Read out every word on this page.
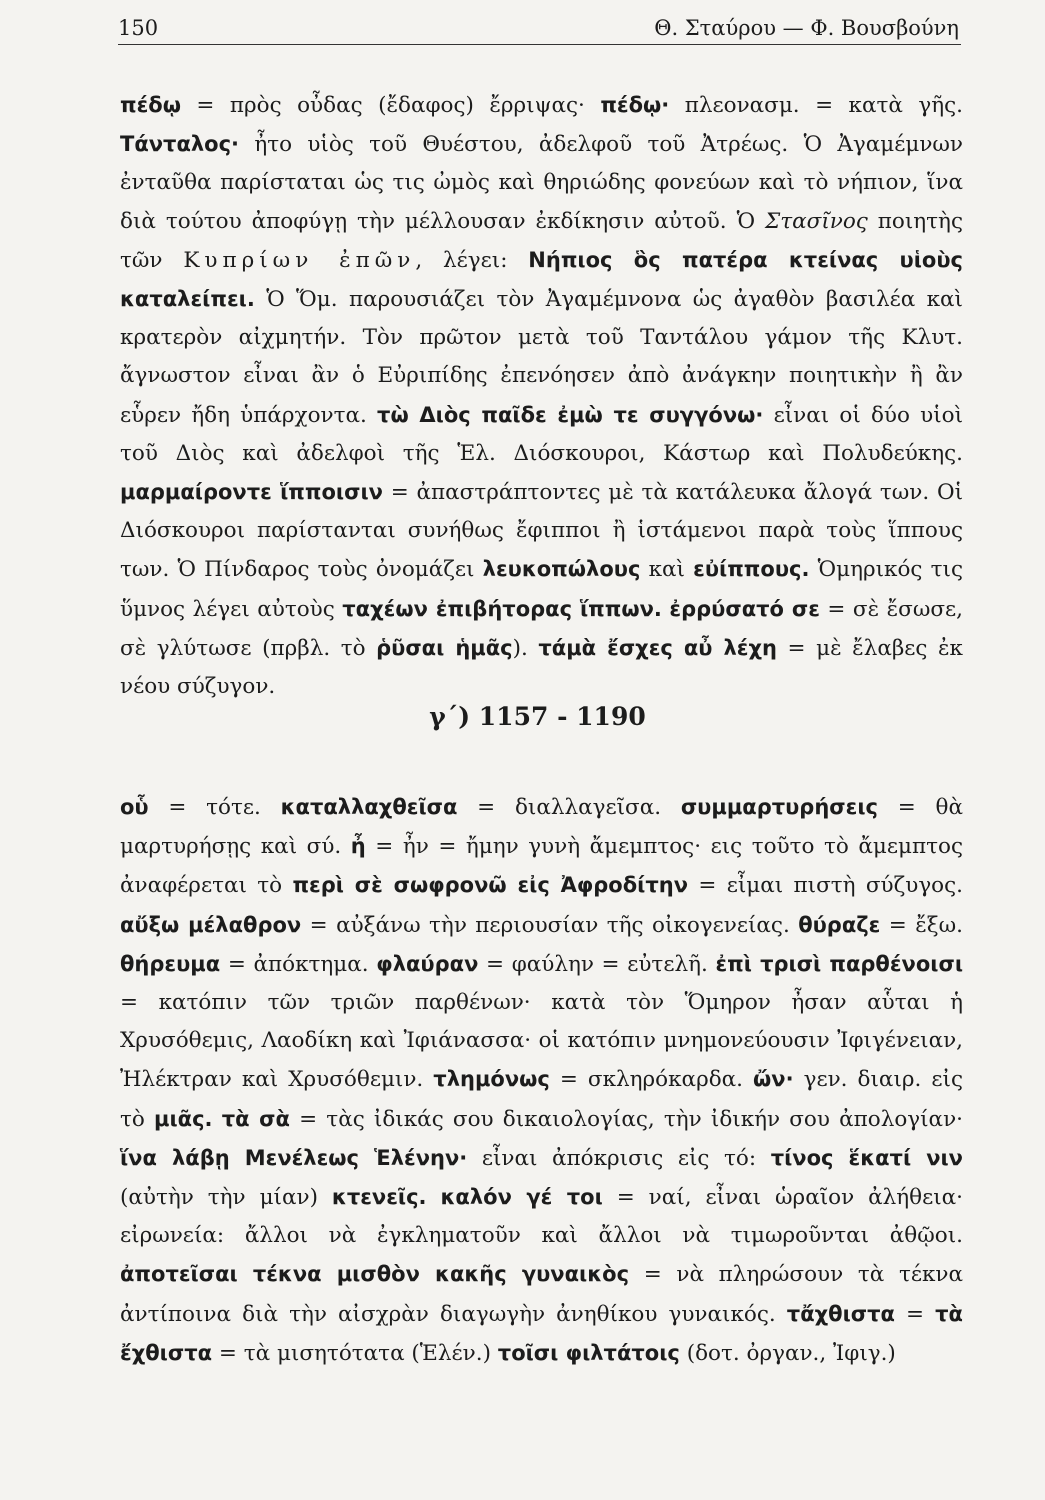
150	Θ. Σταύρου — Φ. Βουσβούνη
πέδῳ = πρὸς οὖδας (ἔδαφος) ἔρριψας· πέδῳ· πλεονασμ. = κατὰ γῆς. Τάνταλος· ἦτο υἱὸς τοῦ Θυέστου, ἀδελφοῦ τοῦ Ἀτρέως. Ὁ Ἀγαμέμνων ἐνταῦθα παρίσταται ὡς τις ὠμὸς καὶ θηριώδης φονεύων καὶ τὸ νήπιον, ἵνα διὰ τούτου ἀποφύγῃ τὴν μέλλουσαν ἐκδίκησιν αὐτοῦ. Ὁ Στασῖνος ποιητὴς τῶν Κυπρίων ἐπῶν, λέγει: Νήπιος ὃς πατέρα κτείνας υἱοὺς καταλείπει. Ὁ Ὅμ. παρουσιάζει τὸν Ἀγαμέμνονα ὡς ἀγαθὸν βασιλέα καὶ κρατερὸν αἰχμητήν. Τὸν πρῶτον μετὰ τοῦ Ταντάλου γάμον τῆς Κλυτ. ἄγνωστον εἶναι ἂν ὁ Εὐριπίδης ἐπενόησεν ἀπὸ ἀνάγκην ποιητικὴν ἢ ἂν εὗρεν ἤδη ὑπάρχοντα. τὼ Διὸς παῖδε ἐμὼ τε συγγόνω· εἶναι οἱ δύο υἱοὶ τοῦ Διὸς καὶ ἀδελφοὶ τῆς Ἑλ. Διόσκουροι, Κάστωρ καὶ Πολυδεύκης. μαρμαίροντε ἵπποισιν = ἀπαστράπτοντες μὲ τὰ κατάλευκα ἄλογά των. Οἱ Διόσκουροι παρίστανται συνήθως ἔφιπποι ἢ ἱστάμενοι παρὰ τοὺς ἵππους των. Ὁ Πίνδαρος τοὺς ὀνομάζει λευκοπώλους καὶ εὐίππους. Ὁμηρικός τις ὕμνος λέγει αὐτοὺς ταχέων ἐπιβήτορας ἵππων. ἐρρύσατό σε = σὲ ἔσωσε, σὲ γλύτωσε (πρβλ. τὸ ῥῦσαι ἡμᾶς). τάμὰ ἔσχες αὖ λέχη = μὲ ἔλαβες ἐκ νέου σύζυγον.
γ´) 1157 - 1190
οὗ = τότε. καταλλαχθεῖσα = διαλλαγεῖσα. συμμαρτυρήσεις = θὰ μαρτυρήσῃς καὶ σύ. ἦ = ἦν = ἤμην γυνὴ ἄμεμπτος· εις τοῦτο τὸ ἄμεμπτος ἀναφέρεται τὸ περὶ σὲ σωφρονῶ εἰς Ἀφροδίτην = εἶμαι πιστὴ σύζυγος. αὔξω μέλαθρον = αὐξάνω τὴν περιουσίαν τῆς οἰκογενείας. θύραζε = ἔξω. θήρευμα = ἀπόκτημα. φλαύραν = φαύλην = εὐτελῆ. ἐπὶ τρισὶ παρθένοισι = κατόπιν τῶν τριῶν παρθένων· κατὰ τὸν Ὅμηρον ἦσαν αὗται ἡ Χρυσόθεμις, Λαοδίκη καὶ Ἰφιάνασσα· οἱ κατόπιν μνημονεύουσιν Ἰφιγένειαν, Ἠλέκτραν καὶ Χρυσόθεμιν. τλημόνως = σκληρόκαρδα. ὤν· γεν. διαιρ. εἰς τὸ μιᾶς. τὰ σὰ = τὰς ἰδικάς σου δικαιολογίας, τὴν ἰδικήν σου ἀπολογίαν· ἵνα λάβῃ Μενέλεως Ἑλένην· εἶναι ἀπόκρισις εἰς τό: τίνος ἕκατί νιν (αὐτὴν τὴν μίαν) κτενεῖς. καλόν γέ τοι = ναί, εἶναι ὡραῖον ἀλήθεια· εἰρωνεία: ἄλλοι νὰ ἐγκληματοῦν καὶ ἄλλοι νὰ τιμωροῦνται ἀθῷοι. ἀποτεῖσαι τέκνα μισθὸν κακῆς γυναικὸς = νὰ πληρώσουν τὰ τέκνα ἀντίποινα διὰ τὴν αἰσχρὰν διαγωγὴν ἀνηθίκου γυναικός. τἄχθιστα = τὰ ἔχθιστα = τὰ μισητότατα (Ἑλέν.) τοῖσι φιλτάτοις (δοτ. ὀργαν., Ἰφιγ.)
